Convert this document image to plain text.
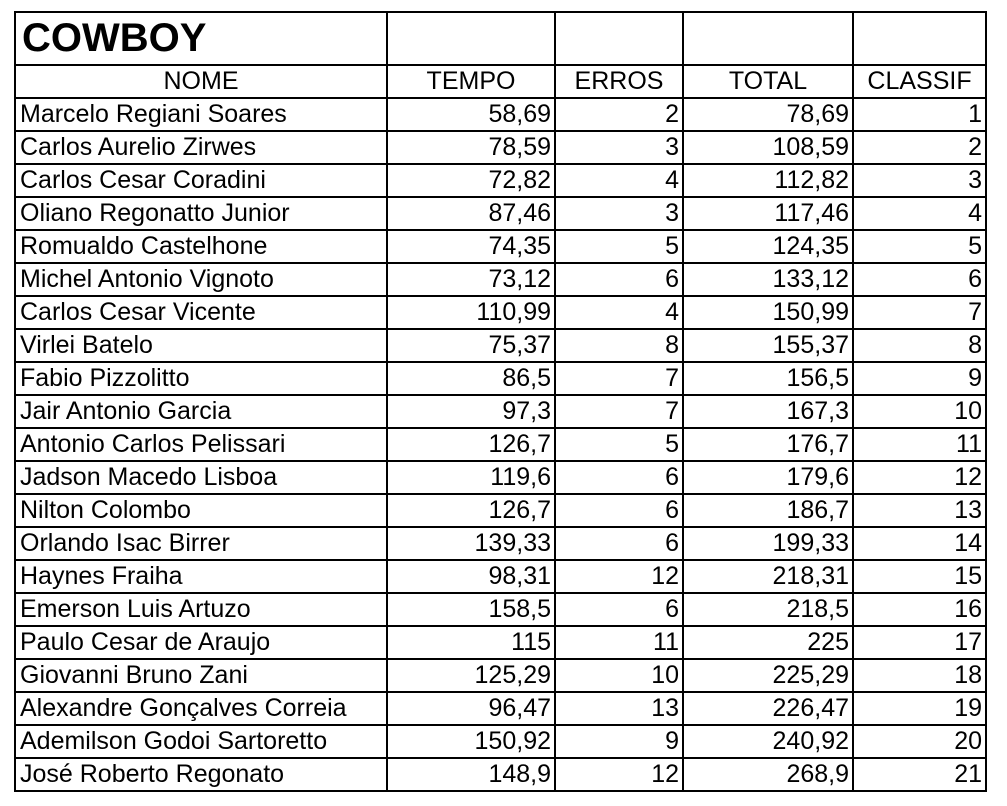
COWBOY				
NOME	TEMPO	ERROS	TOTAL	CLASSIF
Marcelo Regiani Soares	58,69	2	78,69	1
Carlos Aurelio Zirwes	78,59	3	108,59	2
Carlos Cesar Coradini	72,82	4	112,82	3
Oliano Regonatto Junior	87,46	3	117,46	4
Romualdo Castelhone	74,35	5	124,35	5
Michel Antonio Vignoto	73,12	6	133,12	6
Carlos Cesar Vicente	110,99	4	150,99	7
Virlei Batelo	75,37	8	155,37	8
Fabio Pizzolitto	86,5	7	156,5	9
Jair Antonio Garcia	97,3	7	167,3	10
Antonio Carlos Pelissari	126,7	5	176,7	11
Jadson Macedo Lisboa	119,6	6	179,6	12
Nilton Colombo	126,7	6	186,7	13
Orlando Isac Birrer	139,33	6	199,33	14
Haynes Fraiha	98,31	12	218,31	15
Emerson Luis Artuzo	158,5	6	218,5	16
Paulo Cesar de Araujo	115	11	225	17
Giovanni Bruno Zani	125,29	10	225,29	18
Alexandre Gonçalves Correia	96,47	13	226,47	19
Ademilson Godoi Sartoretto	150,92	9	240,92	20
José Roberto Regonato	148,9	12	268,9	21
